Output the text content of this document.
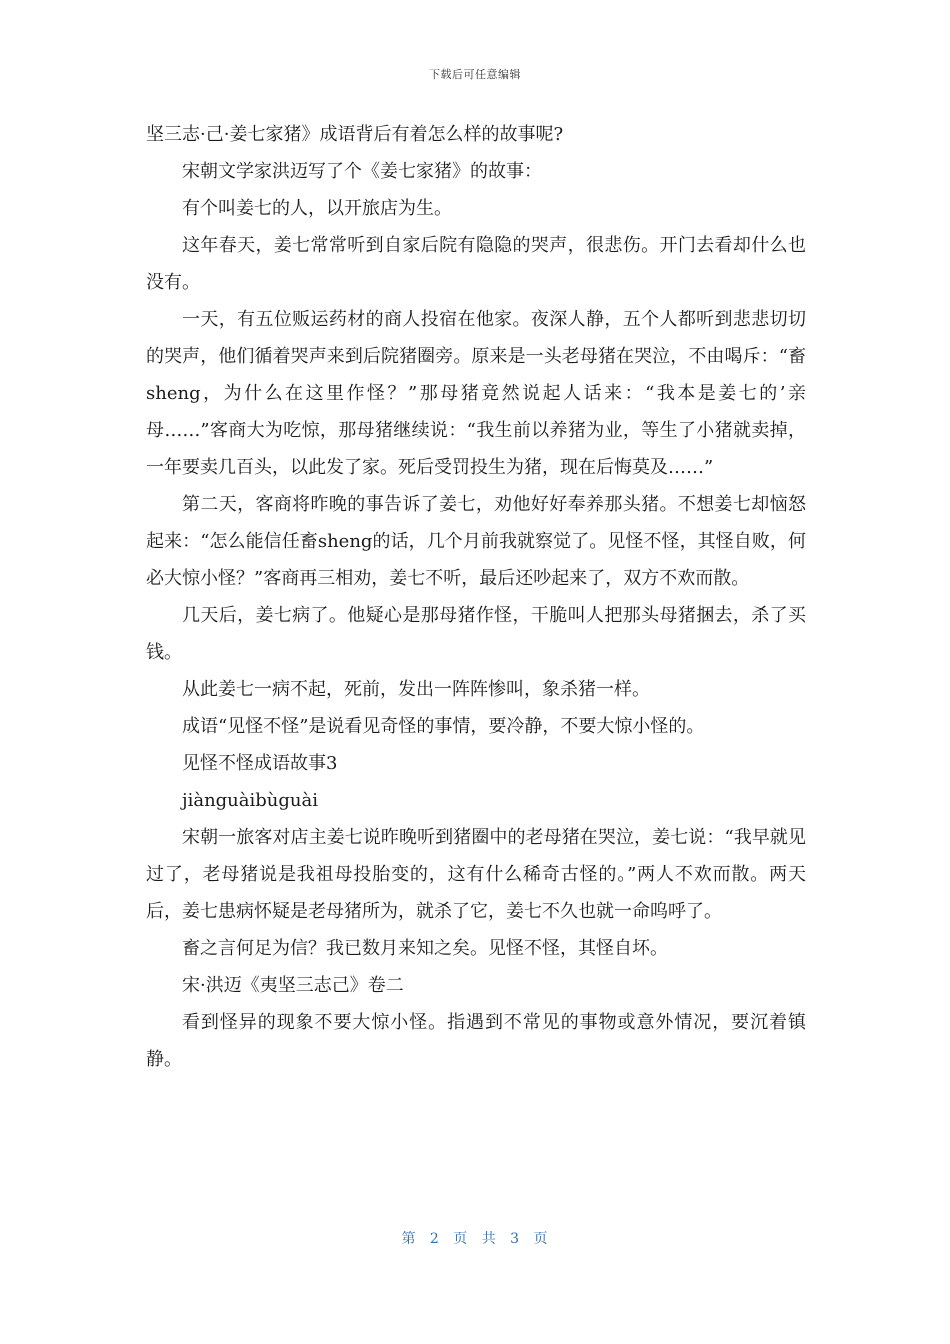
下载后可任意编辑

坚三志·己·姜七家猪》成语背后有着怎么样的故事呢?

宋朝文学家洪迈写了个《姜七家猪》的故事：

有个叫姜七的人，以开旅店为生。

这年春天，姜七常常听到自家后院有隐隐的哭声，很悲伤。开门去看却什么也没有。

一天，有五位贩运药材的商人投宿在他家。夜深人静，五个人都听到悲悲切切的哭声，他们循着哭声来到后院猪圈旁。原来是一头老母猪在哭泣，不由喝斥：“畜sheng，为什么在这里作怪？”那母猪竟然说起人话来：“我本是姜七的’亲母……”客商大为吃惊，那母猪继续说：“我生前以养猪为业，等生了小猪就卖掉，一年要卖几百头，以此发了家。死后受罚投生为猪，现在后悔莫及……”

第二天，客商将昨晚的事告诉了姜七，劝他好好奉养那头猪。不想姜七却恼怒起来：“怎么能信任畜sheng的话，几个月前我就察觉了。见怪不怪，其怪自败，何必大惊小怪？”客商再三相劝，姜七不听，最后还吵起来了，双方不欢而散。

几天后，姜七病了。他疑心是那母猪作怪，干脆叫人把那头母猪捆去，杀了买钱。

从此姜七一病不起，死前，发出一阵阵惨叫，象杀猪一样。

成语“见怪不怪”是说看见奇怪的事情，要冷静，不要大惊小怪的。

见怪不怪成语故事3

jiànguàibùguài

宋朝一旅客对店主姜七说昨晚听到猪圈中的老母猪在哭泣，姜七说：“我早就见过了，老母猪说是我祖母投胎变的，这有什么稀奇古怪的。”两人不欢而散。两天后，姜七患病怀疑是老母猪所为，就杀了它，姜七不久也就一命呜呼了。

畜之言何足为信？我已数月来知之矣。见怪不怪，其怪自坏。

宋·洪迈《夷坚三志己》卷二

看到怪异的现象不要大惊小怪。指遇到不常见的事物或意外情况，要沉着镇静。

第 2 页 共 3 页
